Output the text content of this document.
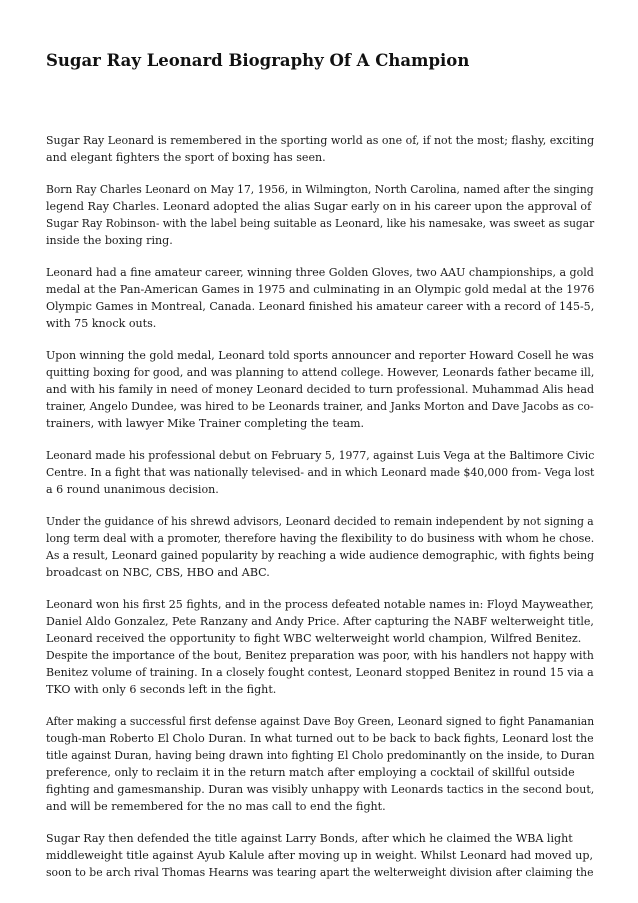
Sugar Ray Leonard Biography Of A Champion

Sugar Ray Leonard is remembered in the sporting world as one of, if not the most; flashy, exciting
and elegant fighters the sport of boxing has seen.

Born Ray Charles Leonard on May 17, 1956, in Wilmington, North Carolina, named after the singing
legend Ray Charles. Leonard adopted the alias Sugar early on in his career upon the approval of
Sugar Ray Robinson- with the label being suitable as Leonard, like his namesake, was sweet as sugar
inside the boxing ring.

Leonard had a fine amateur career, winning three Golden Gloves, two AAU championships, a gold
medal at the Pan-American Games in 1975 and culminating in an Olympic gold medal at the 1976
Olympic Games in Montreal, Canada. Leonard finished his amateur career with a record of 145-5,
with 75 knock outs.

Upon winning the gold medal, Leonard told sports announcer and reporter Howard Cosell he was
quitting boxing for good, and was planning to attend college. However, Leonards father became ill,
and with his family in need of money Leonard decided to turn professional. Muhammad Alis head
trainer, Angelo Dundee, was hired to be Leonards trainer, and Janks Morton and Dave Jacobs as co-
trainers, with lawyer Mike Trainer completing the team.

Leonard made his professional debut on February 5, 1977, against Luis Vega at the Baltimore Civic
Centre. In a fight that was nationally televised- and in which Leonard made $40,000 from- Vega lost
a 6 round unanimous decision.

Under the guidance of his shrewd advisors, Leonard decided to remain independent by not signing a
long term deal with a promoter, therefore having the flexibility to do business with whom he chose.
As a result, Leonard gained popularity by reaching a wide audience demographic, with fights being
broadcast on NBC, CBS, HBO and ABC.

Leonard won his first 25 fights, and in the process defeated notable names in: Floyd Mayweather,
Daniel Aldo Gonzalez, Pete Ranzany and Andy Price. After capturing the NABF welterweight title,
Leonard received the opportunity to fight WBC welterweight world champion, Wilfred Benitez.
Despite the importance of the bout, Benitez preparation was poor, with his handlers not happy with
Benitez volume of training. In a closely fought contest, Leonard stopped Benitez in round 15 via a
TKO with only 6 seconds left in the fight.

After making a successful first defense against Dave Boy Green, Leonard signed to fight Panamanian
tough-man Roberto El Cholo Duran. In what turned out to be back to back fights, Leonard lost the
title against Duran, having being drawn into fighting El Cholo predominantly on the inside, to Duran
preference, only to reclaim it in the return match after employing a cocktail of skillful outside
fighting and gamesmanship. Duran was visibly unhappy with Leonards tactics in the second bout,
and will be remembered for the no mas call to end the fight.

Sugar Ray then defended the title against Larry Bonds, after which he claimed the WBA light
middleweight title against Ayub Kalule after moving up in weight. Whilst Leonard had moved up,
soon to be arch rival Thomas Hearns was tearing apart the welterweight division after claiming the
